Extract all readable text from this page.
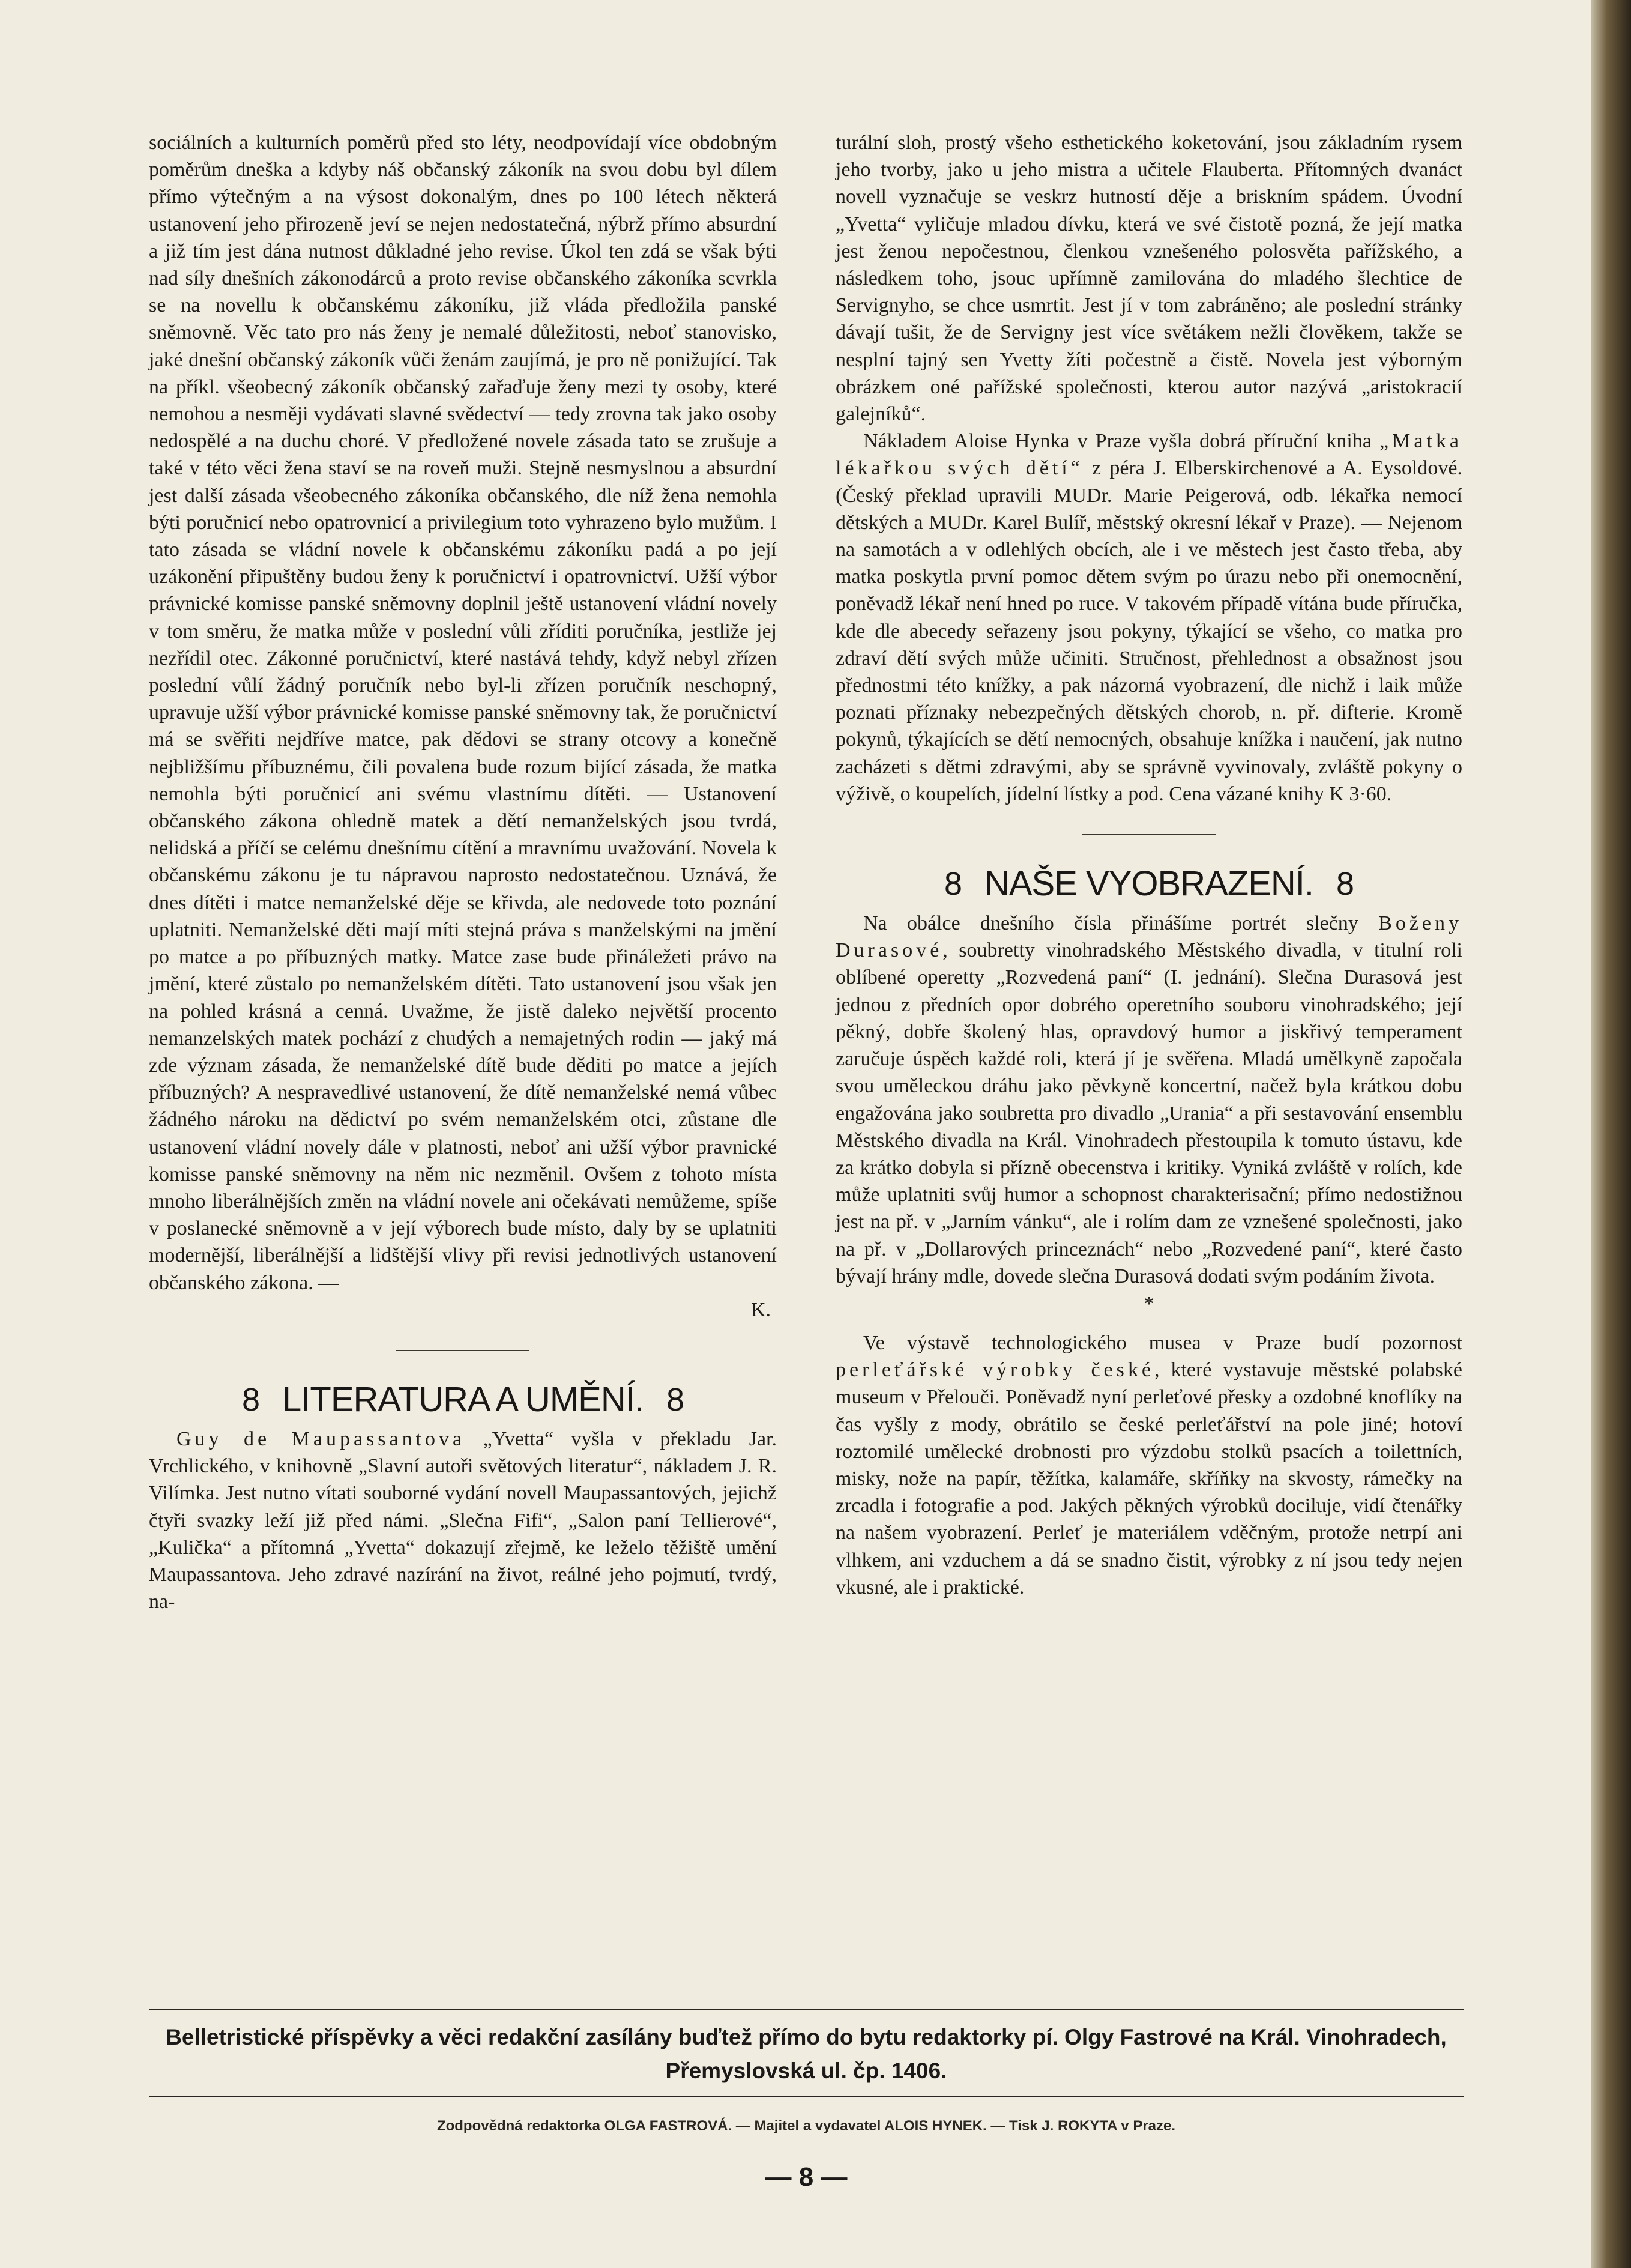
sociálních a kulturních poměrů před sto léty, neodpovídají více obdobným poměrům dneška a kdyby náš občanský zákoník na svou dobu byl dílem přímo výtečným a na výsost dokonalým, dnes po 100 létech některá ustanovení jeho přirozeně jeví se nejen nedostatečná, nýbrž přímo absurdní a již tím jest dána nutnost důkladné jeho revise. Úkol ten zdá se však býti nad síly dnešních zákonodárců a proto revise občanského zákoníka scvrkla se na novellu k občanskému zákoníku, již vláda předložila panské sněmovně. Věc tato pro nás ženy je nemalé důležitosti, neboť stanovisko, jaké dnešní občanský zákoník vůči ženám zaujímá, je pro ně ponižující. Tak na příkl. všeobecný zákoník občanský zařaďuje ženy mezi ty osoby, které nemohou a nesměji vydávati slavné svědectví — tedy zrovna tak jako osoby nedospělé a na duchu choré. V předložené novele zásada tato se zrušuje a také v této věci žena staví se na roveň muži. Stejně nesmyslnou a absurdní jest další zásada všeobecného zákoníka občanského, dle níž žena nemohla býti poručnicí nebo opatrovnicí a privilegium toto vyhrazeno bylo mužům. I tato zásada se vládní novele k občanskému zákoníku padá a po její uzákonění připuštěny budou ženy k poručnictví i opatrovnictví. Užší výbor právnické komisse panské sněmovny doplnil ještě ustanovení vládní novely v tom směru, že matka může v poslední vůli zříditi poručníka, jestliže jej nezřídil otec. Zákonné poručnictví, které nastává tehdy, když nebyl zřízen poslední vůlí žádný poručník nebo byl-li zřízen poručník neschopný, upravuje užší výbor právnické komisse panské sněmovny tak, že poručnictví má se svěřiti nejdříve matce, pak dědovi se strany otcovy a konečně nejbližšímu příbuznému, čili povalena bude rozum bijící zásada, že matka nemohla býti poručnicí ani svému vlastnímu dítěti. — Ustanovení občanského zákona ohledně matek a dětí nemanželských jsou tvrdá, nelidská a příčí se celému dnešnímu cítění a mravnímu uvažování. Novela k občanskému zákonu je tu nápravou naprosto nedostatečnou. Uznává, že dnes dítěti i matce nemanželské děje se křivda, ale nedovede toto poznání uplatniti. Nemanželské děti mají míti stejná práva s manželskými na jmění po matce a po příbuzných matky. Matce zase bude přináležeti právo na jmění, které zůstalo po nemanželském dítěti. Tato ustanovení jsou však jen na pohled krásná a cenná. Uvažme, že jistě daleko největší procento nemanzelských matek pochází z chudých a nemajetných rodin — jaký má zde význam zásada, že nemanželské dítě bude děditi po matce a jejích příbuzných? A nespravedlivé ustanovení, že dítě nemanželské nemá vůbec žádného nároku na dědictví po svém nemanželském otci, zůstane dle ustanovení vládní novely dále v platnosti, neboť ani užší výbor pravnické komisse panské sněmovny na něm nic nezměnil. Ovšem z tohoto místa mnoho liberálnějších změn na vládní novele ani očekávati nemůžeme, spíše v poslanecké sněmovně a v její výborech bude místo, daly by se uplatniti modernější, liberálnější a lidštější vlivy při revisi jednotlivých ustanovení občanského zákona. —

K.

8 LITERATURA A UMĚNÍ. 8

Guy de Maupassantova „Yvetta“ vyšla v překladu Jar. Vrchlického, v knihovně „Slavní autoři světových literatur“, nákladem J. R. Vilímka. Jest nutno vítati souborné vydání novell Maupassantových, jejichž čtyři svazky leží již před námi. „Slečna Fifi“, „Salon paní Tellierové“, „Kulička“ a přítomná „Yvetta“ dokazují zřejmě, ke leželo těžiště umění Maupassantova. Jeho zdravé nazírání na život, reálné jeho pojmutí, tvrdý, na-

turální sloh, prostý všeho esthetického koketování, jsou základním rysem jeho tvorby, jako u jeho mistra a učitele Flauberta. Přítomných dvanáct novell vyznačuje se veskrz hutností děje a briskním spádem. Úvodní „Yvetta“ vyličuje mladou dívku, která ve své čistotě pozná, že její matka jest ženou nepočestnou, členkou vznešeného polosvěta pařížského, a následkem toho, jsouc upřímně zamilována do mladého šlechtice de Servignyho, se chce usmrtit. Jest jí v tom zabráněno; ale poslední stránky dávají tušit, že de Servigny jest více světákem nežli člověkem, takže se nesplní tajný sen Yvetty žíti počestně a čistě. Novela jest výborným obrázkem oné pařížské společnosti, kterou autor nazývá „aristokracií galejníků“.

Nákladem Aloise Hynka v Praze vyšla dobrá příruční kniha „Matka lékařkou svých dětí“ z péra J. Elberskirchenové a A. Eysoldové. (Český překlad upravili MUDr. Marie Peigerová, odb. lékařka nemocí dětských a MUDr. Karel Bulíř, městský okresní lékař v Praze). — Nejenom na samotách a v odlehlých obcích, ale i ve městech jest často třeba, aby matka poskytla první pomoc dětem svým po úrazu nebo při onemocnění, poněvadž lékař není hned po ruce. V takovém případě vítána bude příručka, kde dle abecedy seřazeny jsou pokyny, týkající se všeho, co matka pro zdraví dětí svých může učiniti. Stručnost, přehlednost a obsažnost jsou přednostmi této knížky, a pak názorná vyobrazení, dle nichž i laik může poznati příznaky nebezpečných dětských chorob, n. př. difterie. Kromě pokynů, týkajících se dětí nemocných, obsahuje knížka i naučení, jak nutno zacházeti s dětmi zdravými, aby se správně vyvinovaly, zvláště pokyny o výživě, o koupelích, jídelní lístky a pod. Cena vázané knihy K 3·60.

8 NAŠE VYOBRAZENÍ. 8

Na obálce dnešního čísla přinášíme portrét slečny Boženy Durasové, soubretty vinohradského Městského divadla, v titulní roli oblíbené operetty „Rozvedená paní“ (I. jednání). Slečna Durasová jest jednou z předních opor dobrého operetního souboru vinohradského; její pěkný, dobře školený hlas, opravdový humor a jiskřivý temperament zaručuje úspěch každé roli, která jí je svěřena. Mladá umělkyně započala svou uměleckou dráhu jako pěvkyně koncertní, načež byla krátkou dobu engažována jako soubretta pro divadlo „Urania“ a při sestavování ensemblu Městského divadla na Král. Vinohradech přestoupila k tomuto ústavu, kde za krátko dobyla si přízně obecenstva i kritiky. Vyniká zvláště v rolích, kde může uplatniti svůj humor a schopnost charakterisační; přímo nedostižnou jest na př. v „Jarním vánku“, ale i rolím dam ze vznešené společnosti, jako na př. v „Dollarových princeznách“ nebo „Rozvedené paní“, které často bývají hrány mdle, dovede slečna Durasová dodati svým podáním života.

*

Ve výstavě technologického musea v Praze budí pozornost perleťářské výrobky české, které vystavuje městské polabské museum v Přelouči. Poněvadž nyní perleťové přesky a ozdobné knoflíky na čas vyšly z mody, obrátilo se české perleťářství na pole jiné; hotoví roztomilé umělecké drobnosti pro výzdobu stolků psacích a toilettních, misky, nože na papír, těžítka, kalamáře, skříňky na skvosty, rámečky na zrcadla i fotografie a pod. Jakých pěkných výrobků dociluje, vidí čtenářky na našem vyobrazení. Perleť je materiálem vděčným, protože netrpí ani vlhkem, ani vzduchem a dá se snadno čistit, výrobky z ní jsou tedy nejen vkusné, ale i praktické.

Belletristické příspěvky a věci redakční zasílány buďtež přímo do bytu redaktorky pí. Olgy Fastrové na Král. Vinohradech, Přemyslovská ul. čp. 1406.
Zodpovědná redaktorka OLGA FASTROVÁ. — Majitel a vydavatel ALOIS HYNEK. — Tisk J. ROKYTA v Praze.
— 8 —
